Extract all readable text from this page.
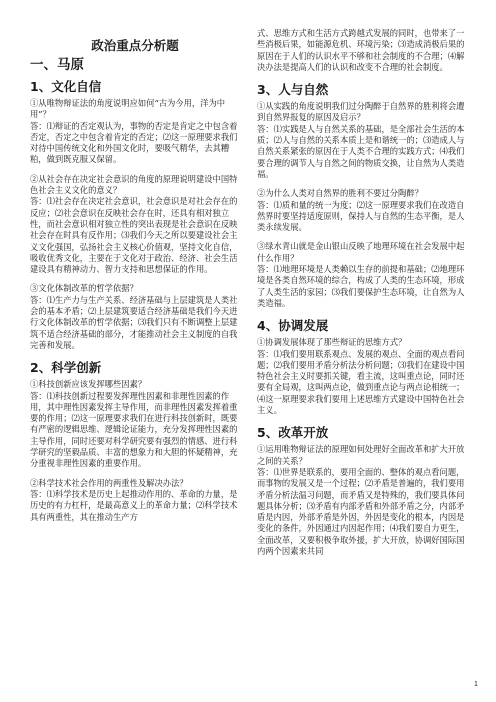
政治重点分析题
一、马原
1、文化自信

①从唯物辩证法的角度说明应如何“古为今用，洋为中用”？

答：⑴辩证的否定观认为，事物的否定是肯定之中包含着否定，否定之中包含着肯定的否定；⑵这一原理要求我们对待中国传统文化和外国文化时，要吸气精华，去其糟粕，做到既克服又保留。

②从社会存在决定社会意识的角度的原理说明建设中国特色社会主义文化的意义？

答：⑴社会存在决定社会意识，社会意识是对社会存在的反应；⑵社会意识在反映社会存在时，还具有相对独立性，而社会意识相对独立性的突出表现是社会意识在反映社会存在时具有反作用；⑶我们今天之所以要建设社会主义文化强国，弘扬社会主义核心价值观，坚持文化自信，吸收优秀文化，主要在于文化对于政治、经济、社会生活建设具有精神动力、智力支持和思想保证的作用。

③文化体制改革的哲学依据？

答：⑴生产力与生产关系、经济基础与上层建筑是人类社会的基本矛盾；⑵上层建筑要适合经济基础是我们今天进行文化体制改革的哲学依据；⑶我们只有不断调整上层建筑不适合经济基础的部分，才能推动社会主义制度的自我完善和发展。

2、科学创新

①科技创新应该发挥哪些因素？

答：⑴科技创新过程要发挥理性因素和非理性因素的作用，其中理性因素发挥主导作用，而非理性因素发挥着重要的作用；⑵这一原理要求我们在进行科技创新时，既要有严密的逻辑思维、逻辑论证能力，充分发挥理性因素的主导作用，同时还要对科学研究要有强烈的情感、进行科学研究的坚毅品质、丰富的想象力和大胆的怀疑精神，充分重视非理性因素的重要作用。

②科学技术社会作用的两重性及解决办法？

答：⑴科学技术是历史上起推动作用的、革命的力量，是历史的有力杠杆，是最高意义上的革命力量；⑵科学技术具有两重性，其在推动生产方

式、思维方式和生活方式跨越式发展的同时，也带来了一些消极后果，如能源危机、环境污染；⑶造成消极后果的原因在于人们的认识水平不够和社会制度的不合理；⑷解决办法是提高人们的认识和改变不合理的社会制度。

3、人与自然

①从实践的角度说明我们过分陶醉于自然界的胜利将会遭到自然界报复的原因及启示？

答：⑴实践是人与自然关系的基础，是全部社会生活的本质；⑵人与自然的关系本质上是和谐统一的；⑶造成人与自然关系紧张的原因在于人类不合理的实践方式；⑷我们要合理的调节人与自然之间的物质交换，让自然为人类造福。

②为什么人类对自然界的胜利不要过分陶醉？

答：⑴质和量的统一为度；⑵这一原理要求我们在改造自然界时要坚持适度原则，保持人与自然的生态平衡，是人类永续发展。

③绿水青山就是金山银山反映了地理环境在社会发展中起什么作用？

答：⑴地理环境是人类赖以生存的前提和基础；⑵地理环境是各类自然环境的综合，构成了人类的生态环境，形成了人类生活的家园；⑶我们要保护生态环境，让自然为人类造福。

4、协调发展

①协调发展体现了那些辩证的思维方式？

答：⑴我们要用联系观点、发展的观点、全面的观点看问题；⑵我们要用矛盾分析法分析问题；⑶我们在建设中国特色社会主义时要抓关键，看主流，这叫重点论，同时还要有全局观，这叫两点论，做到重点论与两点论相统一；⑷这一原理要求我们要用上述思维方式建设中国特色社会主义。

5、改革开放

①运用唯物辩证法的原理如何处理好全面改革和扩大开放之间的关系？

答：⑴世界是联系的，要用全面的、整体的观点看问题，而事物的发展又是一个过程；⑵矛盾是普遍的，我们要用矛盾分析法温习问题，而矛盾又是特殊的，我们要具体问题具体分析；⑶矛盾有内部矛盾和外部矛盾之分，内部矛盾是内因，外部矛盾是外因，外因是变化的根本，内因是变化的条件，外因通过内因起作用；⑷我们要自力更生，全面改革，又要积极争取外援，扩大开放，协调好国际国内两个因素来共同

1
